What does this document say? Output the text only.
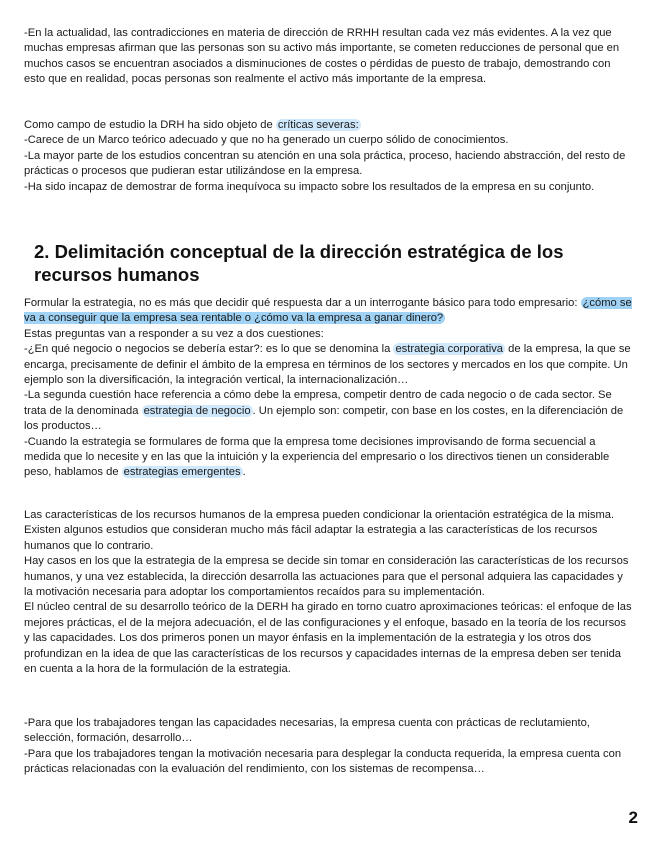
-En la actualidad, las contradicciones en materia de dirección de RRHH resultan cada vez más evidentes. A la vez que muchas empresas afirman que las personas son su activo más importante, se cometen reducciones de personal que en muchos casos se encuentran asociados a disminuciones de costes o pérdidas de puesto de trabajo, demostrando con esto que en realidad, pocas personas son realmente el activo más importante de la empresa.

Como campo de estudio la DRH ha sido objeto de críticas severas:

-Carece de un Marco teórico adecuado y que no ha generado un cuerpo sólido de conocimientos.

-La mayor parte de los estudios concentran su atención en una sola práctica, proceso, haciendo abstracción, del resto de prácticas o procesos que pudieran estar utilizándose en la empresa.

-Ha sido incapaz de demostrar de forma inequívoca su impacto sobre los resultados de la empresa en su conjunto.

2. Delimitación conceptual de la dirección estratégica de los recursos humanos

Formular la estrategia, no es más que decidir qué respuesta dar a un interrogante básico para todo empresario: ¿cómo se va a conseguir que la empresa sea rentable o ¿cómo va la empresa a ganar dinero?

Estas preguntas van a responder a su vez a dos cuestiones:

-¿En qué negocio o negocios se debería estar?: es lo que se denomina la estrategia corporativa de la empresa, la que se encarga, precisamente de definir el ámbito de la empresa en términos de los sectores y mercados en los que compite. Un ejemplo son la diversificación, la integración vertical, la internacionalización…

-La segunda cuestión hace referencia a cómo debe la empresa, competir dentro de cada negocio o de cada sector. Se trata de la denominada estrategia de negocio . Un ejemplo son: competir, con base en los costes, en la diferenciación de los productos…

-Cuando la estrategia se formulares de forma que la empresa tome decisiones improvisando de forma secuencial a medida que lo necesite y en las que la intuición y la experiencia del empresario o los directivos tienen un considerable peso, hablamos de estrategias emergentes .

Las características de los recursos humanos de la empresa pueden condicionar la orientación estratégica de la misma. Existen algunos estudios que consideran mucho más fácil adaptar la estrategia a las características de los recursos humanos que lo contrario.

Hay casos en los que la estrategia de la empresa se decide sin tomar en consideración las características de los recursos humanos, y una vez establecida, la dirección desarrolla las actuaciones para que el personal adquiera las capacidades y la motivación necesaria para adoptar los comportamientos recaídos para su implementación.

El núcleo central de su desarrollo teórico de la DERH ha girado en torno cuatro aproximaciones teóricas: el enfoque de las mejores prácticas, el de la mejora adecuación, el de las configuraciones y el enfoque, basado en la teoría de los recursos y las capacidades. Los dos primeros ponen un mayor énfasis en la implementación de la estrategia y los otros dos profundizan en la idea de que las características de los recursos y capacidades internas de la empresa deben ser tenida en cuenta a la hora de la formulación de la estrategia.

-Para que los trabajadores tengan las capacidades necesarias, la empresa cuenta con prácticas de reclutamiento, selección, formación, desarrollo…

-Para que los trabajadores tengan la motivación necesaria para desplegar la conducta requerida, la empresa cuenta con prácticas relacionadas con la evaluación del rendimiento, con los sistemas de recompensa…

2
